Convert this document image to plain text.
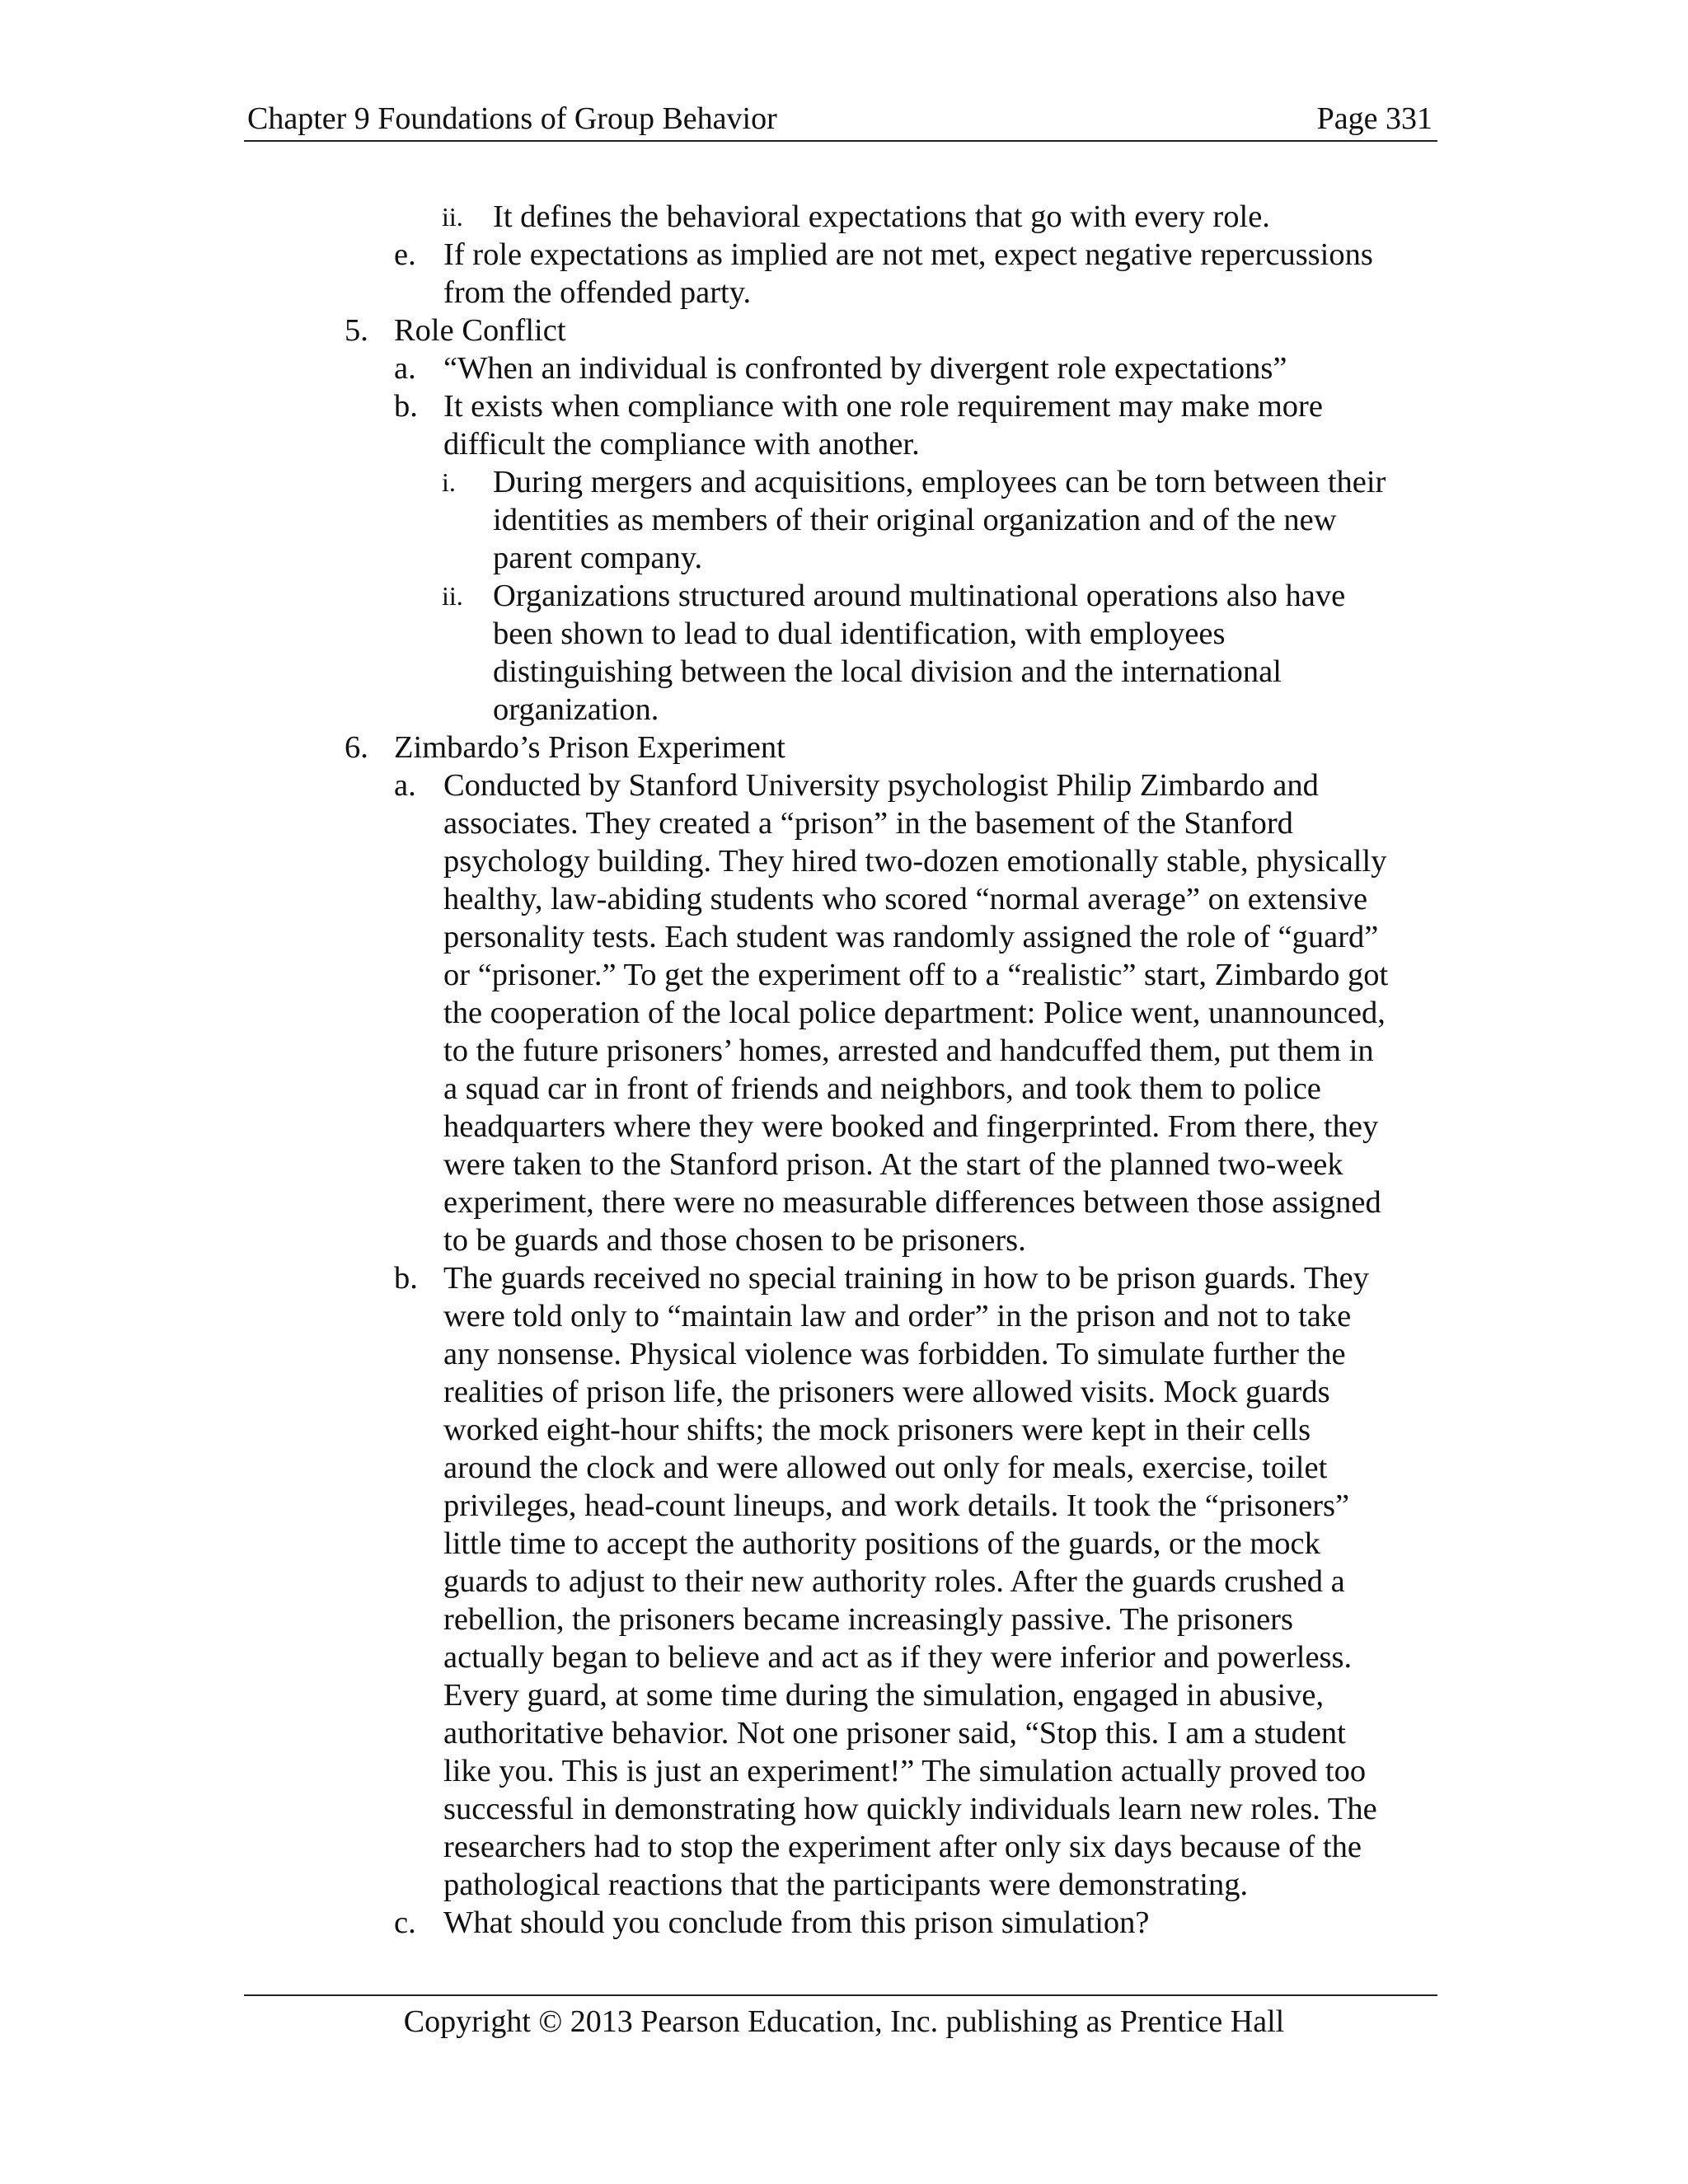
Chapter 9 Foundations of Group Behavior	Page 331
ii. It defines the behavioral expectations that go with every role.
e. If role expectations as implied are not met, expect negative repercussions
from the offended party.
5. Role Conflict
a. “When an individual is confronted by divergent role expectations”
b. It exists when compliance with one role requirement may make more
difficult the compliance with another.
i. During mergers and acquisitions, employees can be torn between their
identities as members of their original organization and of the new
parent company.
ii. Organizations structured around multinational operations also have
been shown to lead to dual identification, with employees
distinguishing between the local division and the international
organization.
6. Zimbardo’s Prison Experiment
a. Conducted by Stanford University psychologist Philip Zimbardo and
associates. They created a “prison” in the basement of the Stanford
psychology building. They hired two-dozen emotionally stable, physically
healthy, law-abiding students who scored “normal average” on extensive
personality tests. Each student was randomly assigned the role of “guard”
or “prisoner.” To get the experiment off to a “realistic” start, Zimbardo got
the cooperation of the local police department: Police went, unannounced,
to the future prisoners’ homes, arrested and handcuffed them, put them in
a squad car in front of friends and neighbors, and took them to police
headquarters where they were booked and fingerprinted. From there, they
were taken to the Stanford prison. At the start of the planned two-week
experiment, there were no measurable differences between those assigned
to be guards and those chosen to be prisoners.
b. The guards received no special training in how to be prison guards. They
were told only to “maintain law and order” in the prison and not to take
any nonsense. Physical violence was forbidden. To simulate further the
realities of prison life, the prisoners were allowed visits. Mock guards
worked eight-hour shifts; the mock prisoners were kept in their cells
around the clock and were allowed out only for meals, exercise, toilet
privileges, head-count lineups, and work details. It took the “prisoners”
little time to accept the authority positions of the guards, or the mock
guards to adjust to their new authority roles. After the guards crushed a
rebellion, the prisoners became increasingly passive. The prisoners
actually began to believe and act as if they were inferior and powerless.
Every guard, at some time during the simulation, engaged in abusive,
authoritative behavior. Not one prisoner said, “Stop this. I am a student
like you. This is just an experiment!” The simulation actually proved too
successful in demonstrating how quickly individuals learn new roles. The
researchers had to stop the experiment after only six days because of the
pathological reactions that the participants were demonstrating.
c. What should you conclude from this prison simulation?
Copyright © 2013 Pearson Education, Inc. publishing as Prentice Hall
